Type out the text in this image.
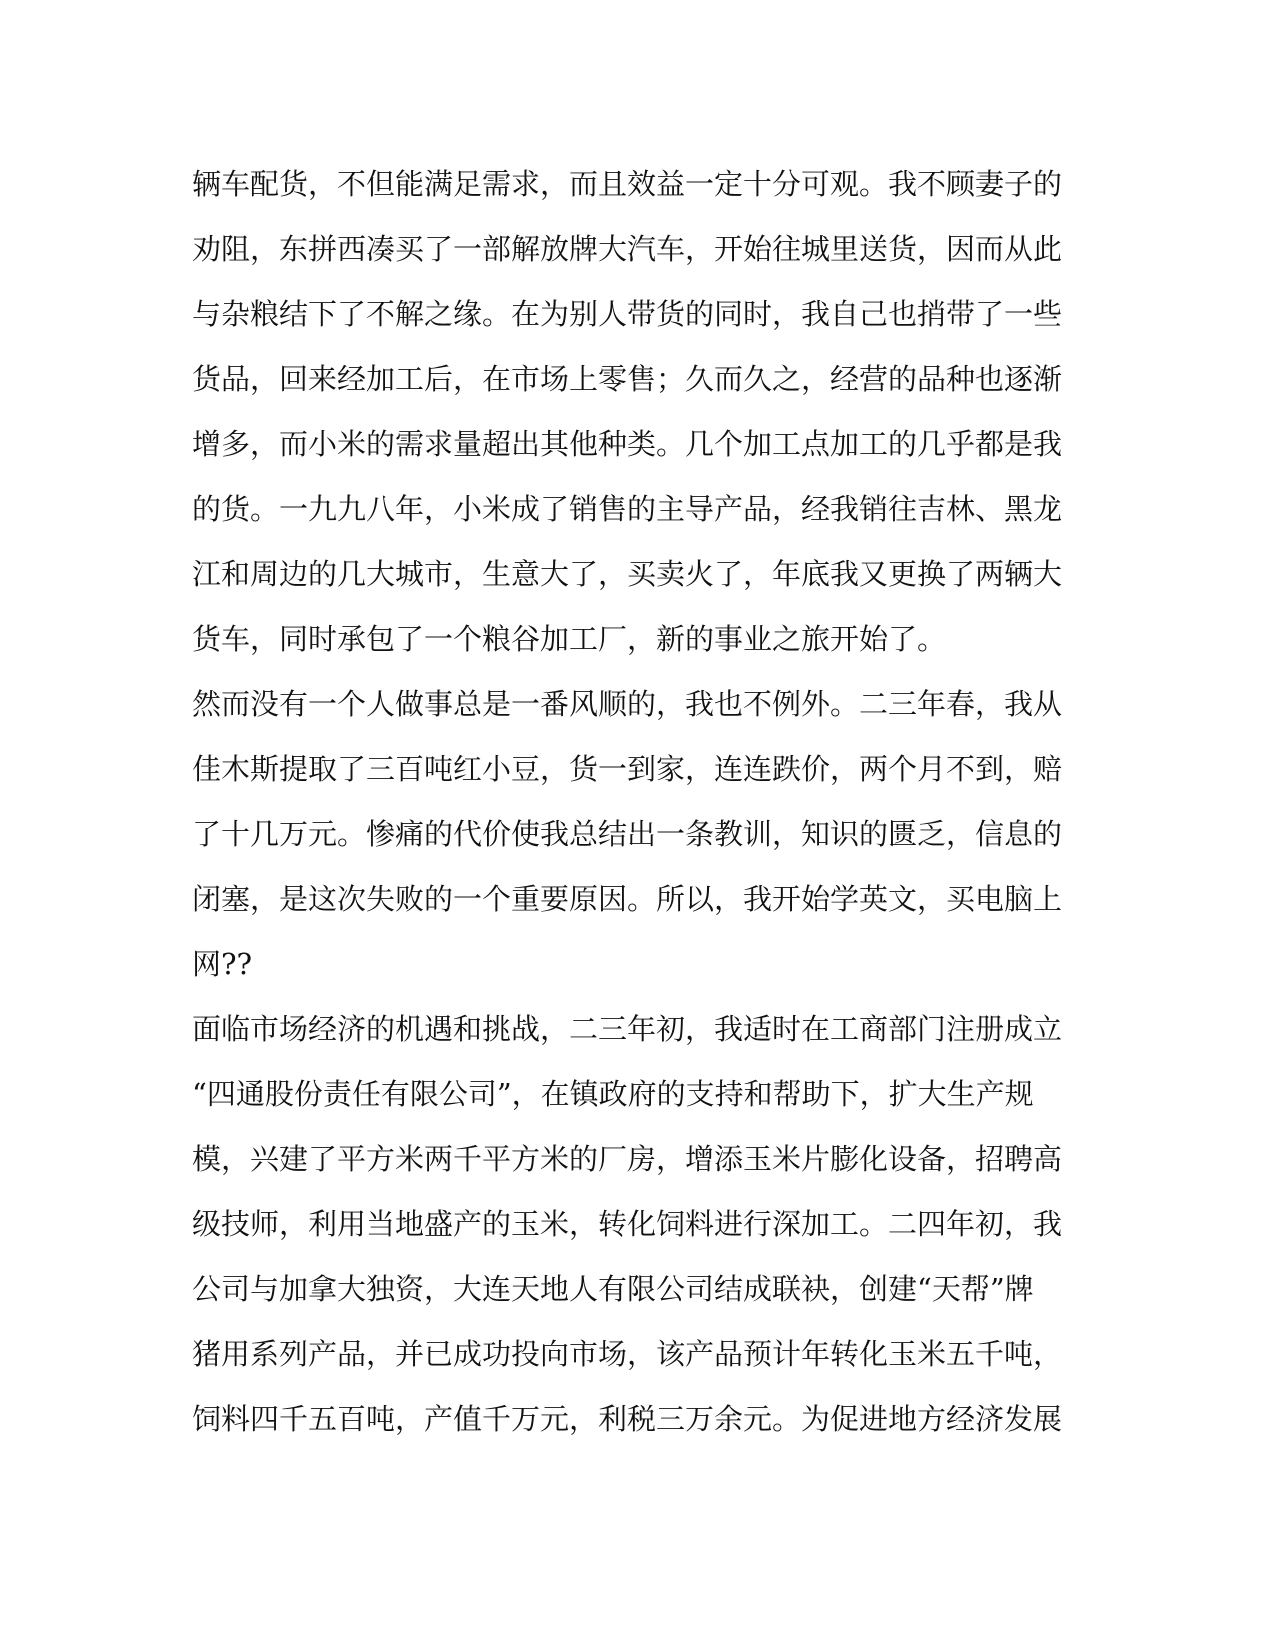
辆车配货，不但能满足需求，而且效益一定十分可观。我不顾妻子的
劝阻，东拼西凑买了一部解放牌大汽车，开始往城里送货，因而从此
与杂粮结下了不解之缘。在为别人带货的同时，我自己也捎带了一些
货品，回来经加工后，在市场上零售；久而久之，经营的品种也逐渐
增多，而小米的需求量超出其他种类。几个加工点加工的几乎都是我
的货。一九九八年，小米成了销售的主导产品，经我销往吉林、黑龙
江和周边的几大城市，生意大了，买卖火了，年底我又更换了两辆大
货车，同时承包了一个粮谷加工厂，新的事业之旅开始了。
然而没有一个人做事总是一番风顺的，我也不例外。二三年春，我从
佳木斯提取了三百吨红小豆，货一到家，连连跌价，两个月不到，赔
了十几万元。惨痛的代价使我总结出一条教训，知识的匮乏，信息的
闭塞，是这次失败的一个重要原因。所以，我开始学英文，买电脑上
网??
面临市场经济的机遇和挑战，二三年初，我适时在工商部门注册成立
“四通股份责任有限公司”，在镇政府的支持和帮助下，扩大生产规
模，兴建了平方米两千平方米的厂房，增添玉米片膨化设备，招聘高
级技师，利用当地盛产的玉米，转化饲料进行深加工。二四年初，我
公司与加拿大独资，大连天地人有限公司结成联袂，创建“天帮”牌
猪用系列产品，并已成功投向市场，该产品预计年转化玉米五千吨，
饲料四千五百吨，产值千万元，利税三万余元。为促进地方经济发展
